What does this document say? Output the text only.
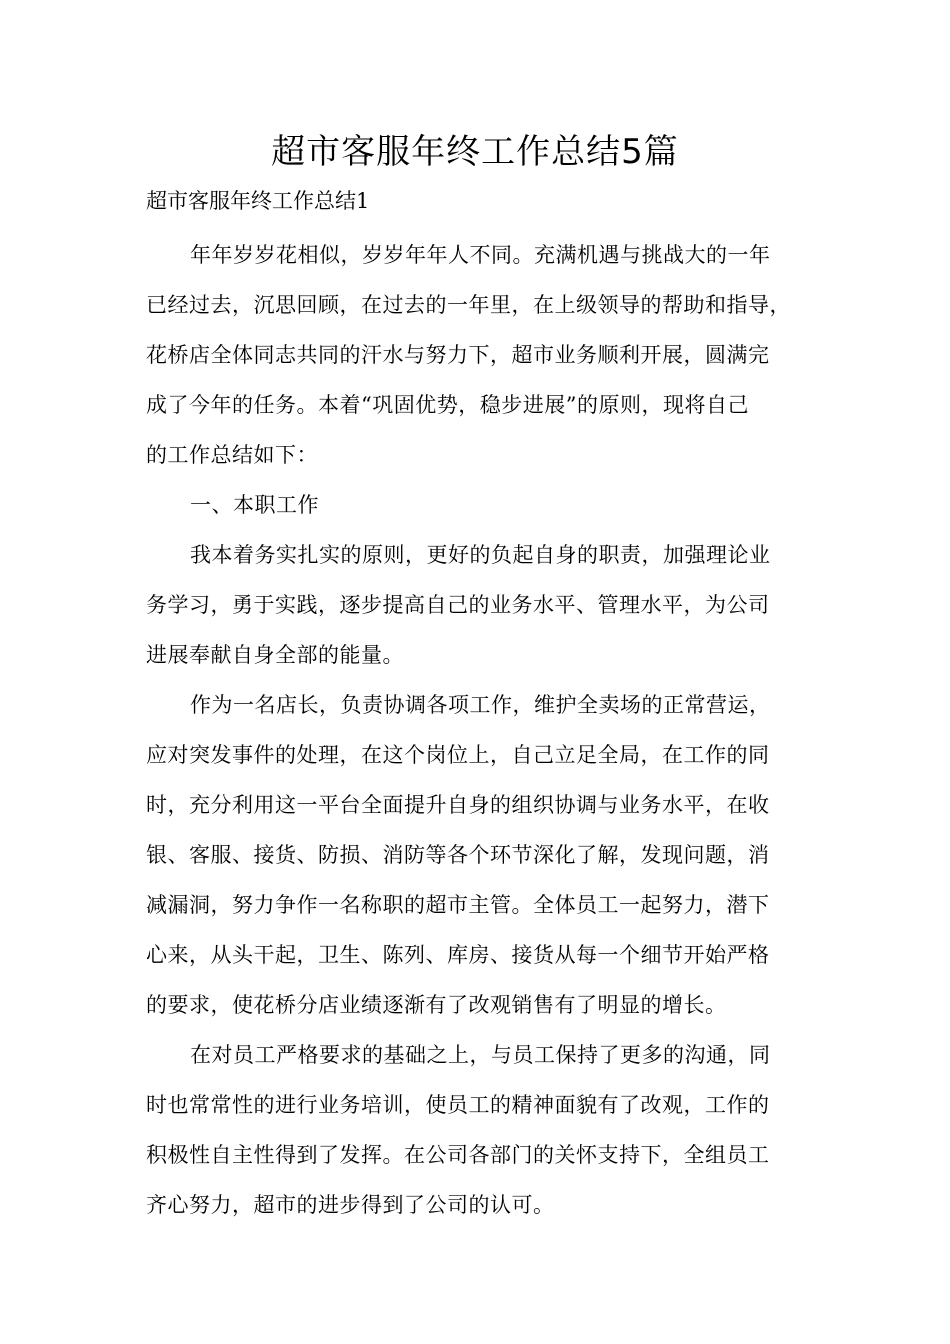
超市客服年终工作总结5篇
超市客服年终工作总结1
年年岁岁花相似，岁岁年年人不同。充满机遇与挑战大的一年
已经过去，沉思回顾，在过去的一年里，在上级领导的帮助和指导，
花桥店全体同志共同的汗水与努力下，超市业务顺利开展，圆满完
成了今年的任务。本着“巩固优势，稳步进展”的原则，现将自己
的工作总结如下：
一、本职工作
我本着务实扎实的原则，更好的负起自身的职责，加强理论业
务学习，勇于实践，逐步提高自己的业务水平、管理水平，为公司
进展奉献自身全部的能量。
作为一名店长，负责协调各项工作，维护全卖场的正常营运，
应对突发事件的处理，在这个岗位上，自己立足全局，在工作的同
时，充分利用这一平台全面提升自身的组织协调与业务水平，在收
银、客服、接货、防损、消防等各个环节深化了解，发现问题，消
减漏洞，努力争作一名称职的超市主管。全体员工一起努力，潜下
心来，从头干起，卫生、陈列、库房、接货从每一个细节开始严格
的要求，使花桥分店业绩逐渐有了改观销售有了明显的增长。
在对员工严格要求的基础之上，与员工保持了更多的沟通，同
时也常常性的进行业务培训，使员工的精神面貌有了改观，工作的
积极性自主性得到了发挥。在公司各部门的关怀支持下，全组员工
齐心努力，超市的进步得到了公司的认可。
